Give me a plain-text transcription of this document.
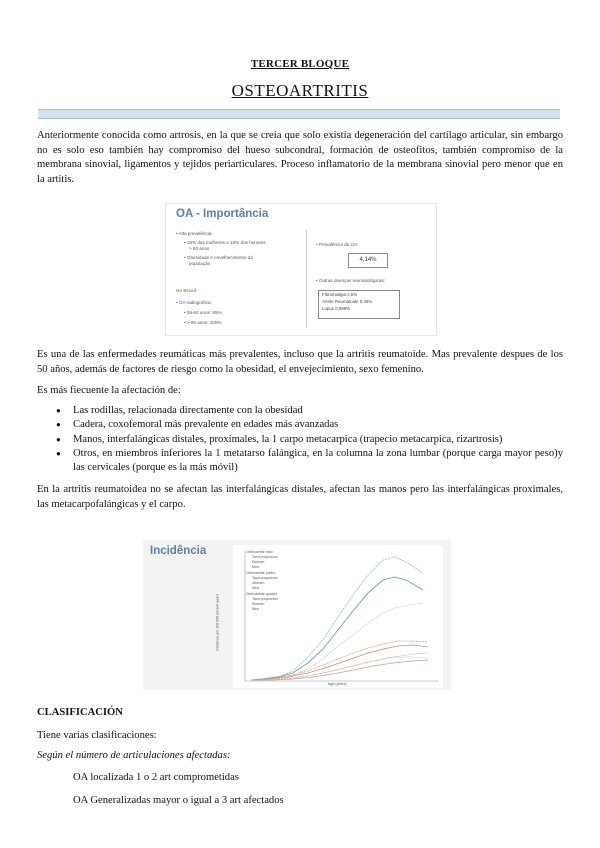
TERCER BLOQUE
OSTEOARTRITIS

Anteriormente conocida como artrosis, en la que se creía que solo existía degeneración del cartílago articular, sin embargo no es solo eso también hay compromiso del hueso subcondral, formación de osteofitos, también compromiso de la membrana sinovial, ligamentos y tejidos periarticulares. Proceso inflamatorio de la membrana sinovial pero menor que en la artitis.

OA - Importância
• Alta prevalência:
• 18% das mulheres e 10% dos homens
> 60 anos
• Obesidade e envelhecimento da
população
No Brasil:
• OA radiográfica:
• 55-64 anos: 85%
• > 85 anos: 100%
• Prevalência de OA:
4,14%
• Outras doenças reumatológicas:
Fibromialgia 2,5%
Artrite Reumatoide 0,46%
Lupus 0,098%

Es una de las enfermedades reumáticas más prevalentes, incluso que la artritis reumatoide. Mas prevalente despues de los 50 años, además de factores de riesgo como la obesidad, el envejecimiento, sexo femenino.

Es más fiecuente la afectación de:

● Las rodillas, relacionada directamente con la obesidad
● Cadera, coxofemoral más prevalente en edades más avanzadas
● Manos, interfalángicas distales, proximales, la 1 carpo metacarpica (trapecio metacarpica, rizartrosis)
● Otros, en miembros inferiores la 1 metatarso falángica, en la columna la zona lumbar (porque carga mayor peso)y las cervicales (porque es la más móvil)

En la artritis reumatoidea no se afectan las interfalángicas distales, afectan las manos pero las interfalángicas proximales, las metacarpofalángicas y el carpo.

Incidência	Osteoartrite mão
Taxa proporcion
Women
Men
Osteoartrite joelho
Taxa proporcion
Women
Men
Osteoartrite quadril
Taxa proporcion
Women
Men
Incidence per 100 000 person-years
Age (years)
CLASIFICACIÓN
Tiene varias clasificaciones:
Según el número de articulaciones afectadas:
OA localizada 1 o 2 art comprometidas
OA Generalizadas mayor o igual a 3 art afectados
